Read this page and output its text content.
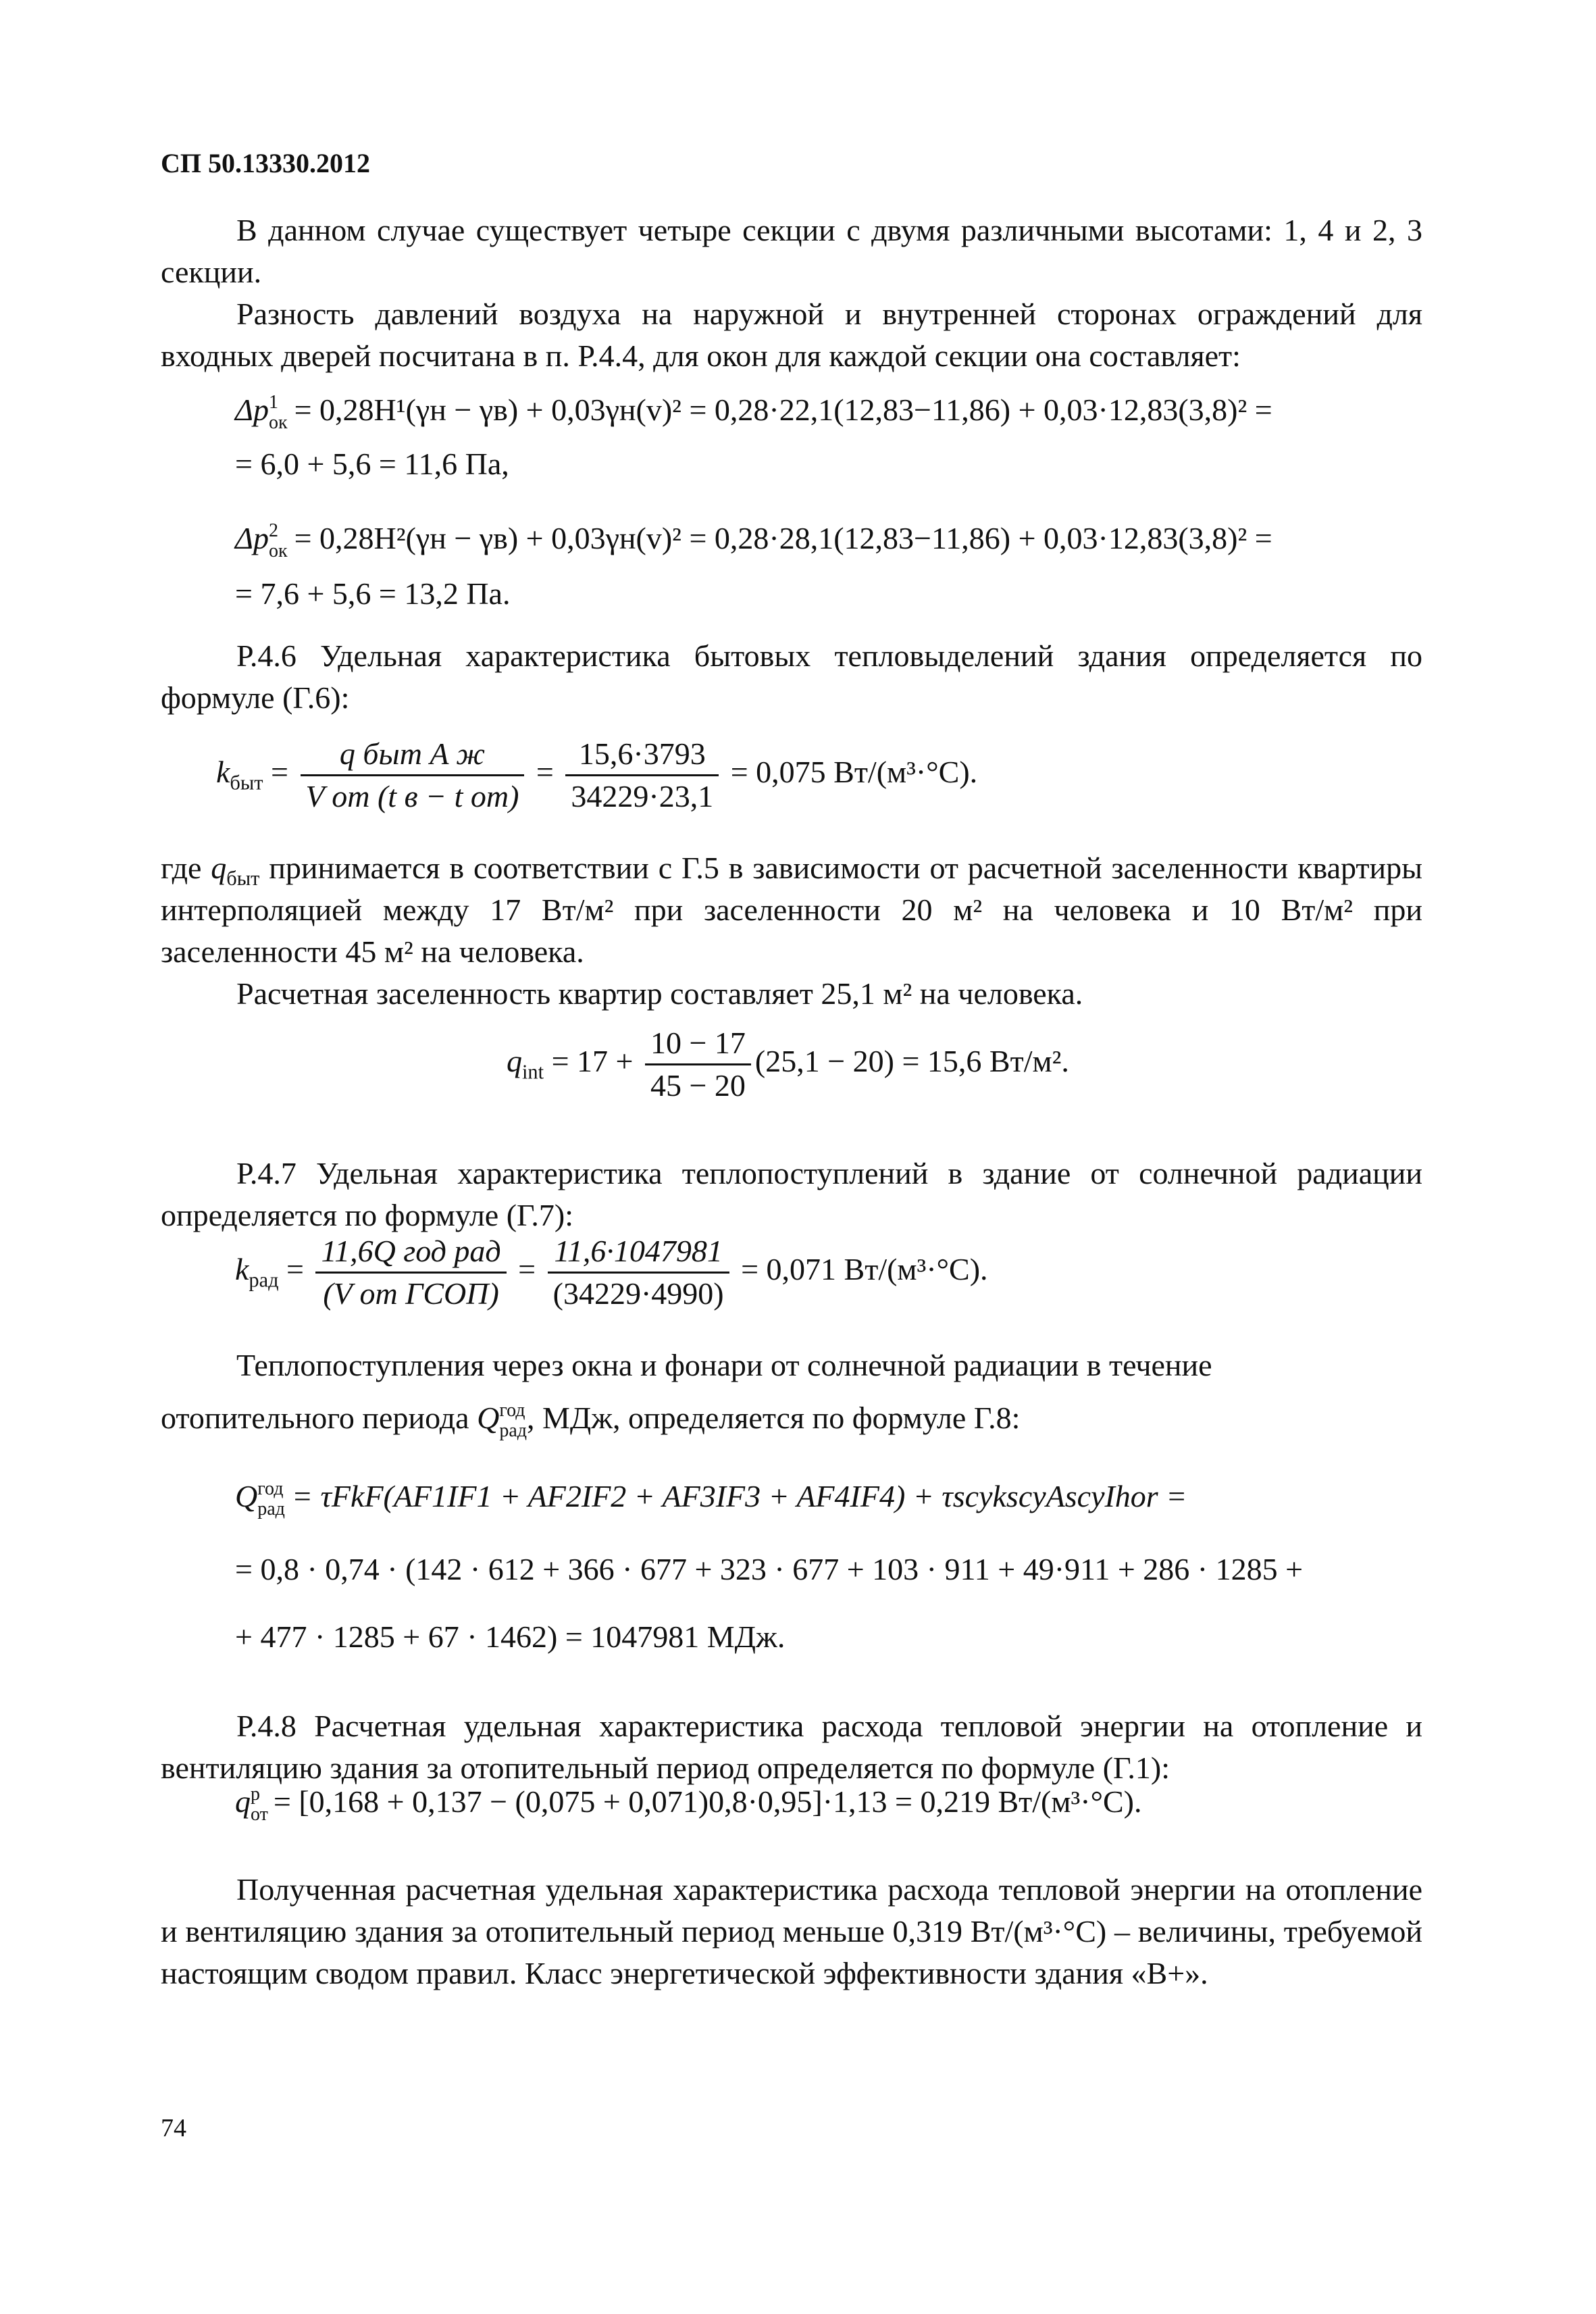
СП 50.13330.2012
В данном случае существует четыре секции с двумя различными высотами: 1, 4 и 2, 3 секции.
Разность давлений воздуха на наружной и внутренней сторонах ограждений для входных дверей посчитана в п. Р.4.4, для окон для каждой секции она составляет:
Δp 1
ок = 0,28H¹(γн − γв) + 0,03γн(v)² = 0,28·22,1(12,83−11,86) + 0,03·12,83(3,8)² =
= 6,0 + 5,6 = 11,6 Па,
Δp 2
ок = 0,28H²(γн − γв) + 0,03γн(v)² = 0,28·28,1(12,83−11,86) + 0,03·12,83(3,8)² =
= 7,6 + 5,6 = 13,2 Па.
Р.4.6 Удельная характеристика бытовых тепловыделений здания определяется по формуле (Г.6):
$k_{быт} = \frac{\text{q быт A ж}}{\text{V от (t в − t от)}} = \frac{15,6\cdot 3793}{34229\cdot 23,1} = 0,075$ Вт/(м³·°С).
где $q_{быт}$ принимается в соответствии с Г.5 в зависимости от расчетной заселенности квартиры интерполяцией между 17 Вт/м² при заселенности 20 м² на человека и 10 Вт/м² при заселенности 45 м² на человека.
Расчетная заселенность квартир составляет 25,1 м² на человека.
$q_{int} = 17 + \frac{10 - 17}{45 - 20} (25,1 - 20) = 15,6$ Вт/м².
Р.4.7 Удельная характеристика теплопоступлений в здание от солнечной радиации определяется по формуле (Г.7):
$k_{рад} = \frac{\text{11,6Q год рад}}{\text{(V от ГСОП)}} = \frac{11,6\cdot 1047981}{(34229\cdot 4990)} = 0,071$ Вт/(м³·°С).
Теплопоступления через окна и фонари от солнечной радиации в течение
отопительного периода Q год
рад , МДж, определяется по формуле Г.8:
Q год
рад = τFkF(AF1IF1 + AF2IF2 + AF3IF3 + AF4IF4) + τscykscyAscyIhor =
= 0,8 · 0,74 · (142 · 612 + 366 · 677 + 323 · 677 + 103 · 911 + 49·911 + 286 · 1285 +
+ 477 · 1285 + 67 · 1462) = 1047981 МДж.
Р.4.8 Расчетная удельная характеристика расхода тепловой энергии на отопление и вентиляцию здания за отопительный период определяется по формуле (Г.1):
q р
от = [0,168 + 0,137 − (0,075 + 0,071)0,8·0,95]·1,13 = 0,219 Вт/(м³·°С).
Полученная расчетная удельная характеристика расхода тепловой энергии на отопление и вентиляцию здания за отопительный период меньше 0,319 Вт/(м³·°С) – величины, требуемой настоящим сводом правил. Класс энергетической эффективности здания «В+».
74
